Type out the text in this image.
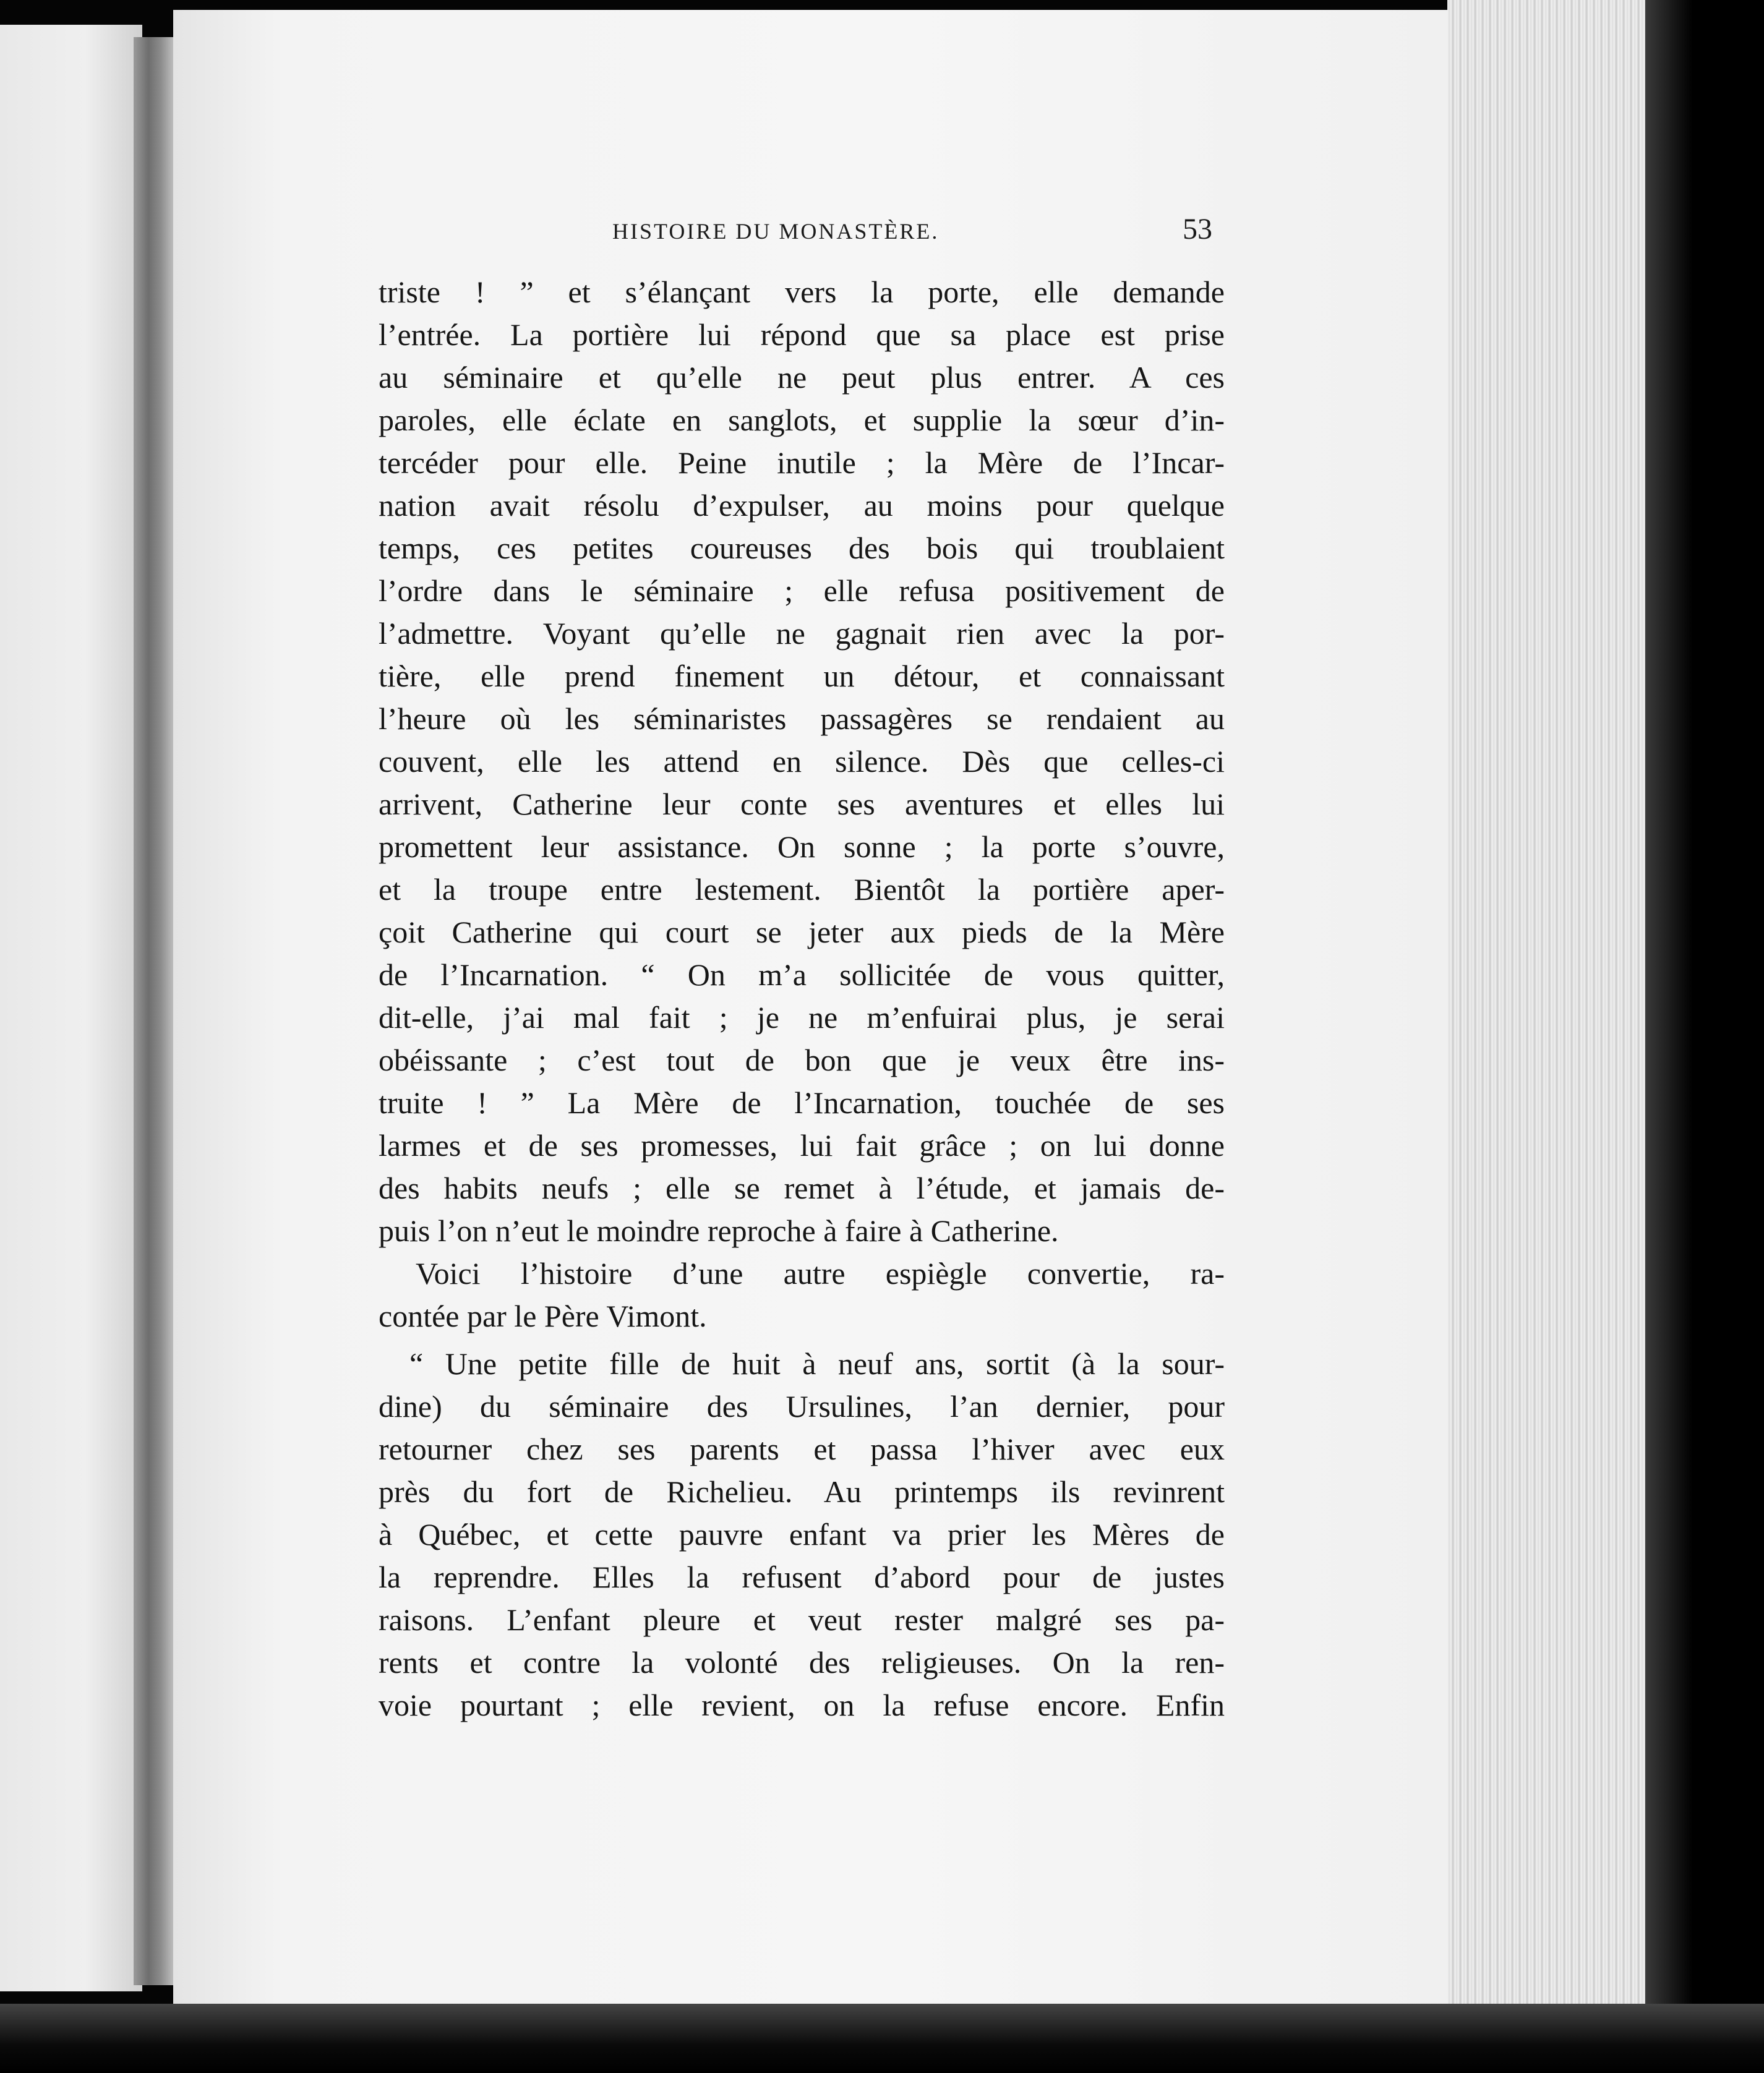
HISTOIRE DU MONASTÈRE.	53
triste ! ” et s’élançant vers la porte, elle demande
l’entrée. La portière lui répond que sa place est prise
au séminaire et qu’elle ne peut plus entrer. A ces
paroles, elle éclate en sanglots, et supplie la sœur d’in-
tercéder pour elle. Peine inutile ; la Mère de l’Incar-
nation avait résolu d’expulser, au moins pour quelque
temps, ces petites coureuses des bois qui troublaient
l’ordre dans le séminaire ; elle refusa positivement de
l’admettre. Voyant qu’elle ne gagnait rien avec la por-
tière, elle prend finement un détour, et connaissant
l’heure où les séminaristes passagères se rendaient au
couvent, elle les attend en silence. Dès que celles-ci
arrivent, Catherine leur conte ses aventures et elles lui
promettent leur assistance. On sonne ; la porte s’ouvre,
et la troupe entre lestement. Bientôt la portière aper-
çoit Catherine qui court se jeter aux pieds de la Mère
de l’Incarnation. “ On m’a sollicitée de vous quitter,
dit-elle, j’ai mal fait ; je ne m’enfuirai plus, je serai
obéissante ; c’est tout de bon que je veux être ins-
truite ! ” La Mère de l’Incarnation, touchée de ses
larmes et de ses promesses, lui fait grâce ; on lui donne
des habits neufs ; elle se remet à l’étude, et jamais de-
puis l’on n’eut le moindre reproche à faire à Catherine.
Voici l’histoire d’une autre espiègle convertie, ra-
contée par le Père Vimont.
“ Une petite fille de huit à neuf ans, sortit (à la sour-
dine) du séminaire des Ursulines, l’an dernier, pour
retourner chez ses parents et passa l’hiver avec eux
près du fort de Richelieu. Au printemps ils revinrent
à Québec, et cette pauvre enfant va prier les Mères de
la reprendre. Elles la refusent d’abord pour de justes
raisons. L’enfant pleure et veut rester malgré ses pa-
rents et contre la volonté des religieuses. On la ren-
voie pourtant ; elle revient, on la refuse encore. Enfin
